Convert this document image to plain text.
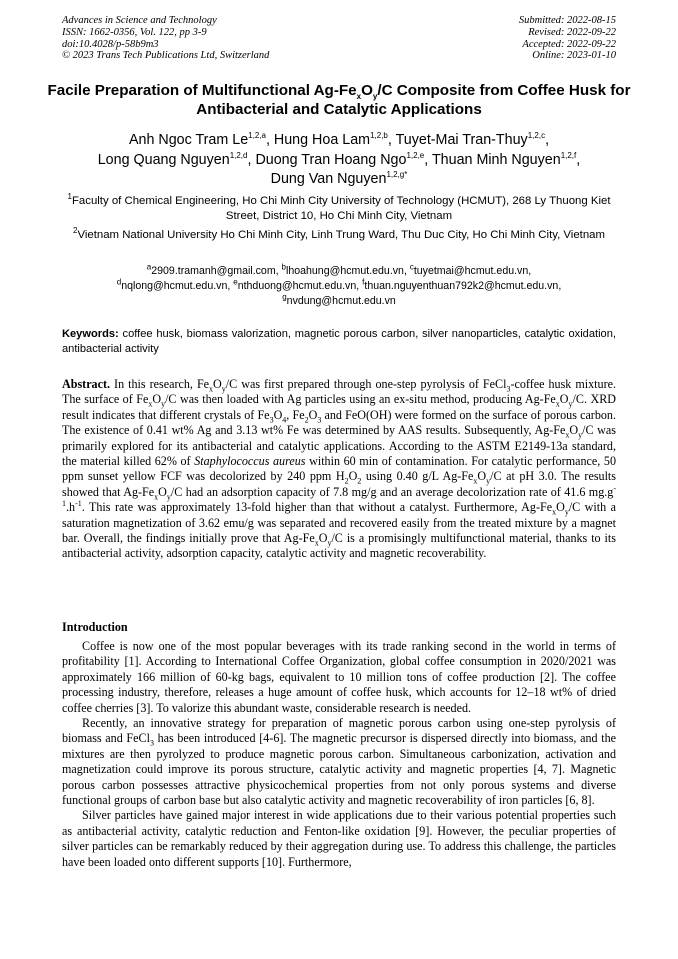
Advances in Science and Technology
ISSN: 1662-0356, Vol. 122, pp 3-9
doi:10.4028/p-58b9m3
© 2023 Trans Tech Publications Ltd, Switzerland
Submitted: 2022-08-15
Revised: 2022-09-22
Accepted: 2022-09-22
Online: 2023-01-10
Facile Preparation of Multifunctional $Ag-Fe_xO_y/C$ Composite from Coffee Husk for Antibacterial and Catalytic Applications
Anh Ngoc Tram Le$^{1,2,a}$, Hung Hoa Lam$^{1,2,b}$, Tuyet-Mai Tran-Thuy$^{1,2,c}$,
Long Quang Nguyen$^{1,2,d}$, Duong Tran Hoang Ngo$^{1,2,e}$, Thuan Minh Nguyen$^{1,2,f}$,
Dung Van Nguyen$^{1,2,g*}$
$^1$Faculty of Chemical Engineering, Ho Chi Minh City University of Technology (HCMUT), 268 Ly Thuong Kiet Street, District 10, Ho Chi Minh City, Vietnam
$^2$Vietnam National University Ho Chi Minh City, Linh Trung Ward, Thu Duc City, Ho Chi Minh City, Vietnam
$^a$2909.tramanh@gmail.com, $^b$lhoahung@hcmut.edu.vn, $^c$tuyetmai@hcmut.edu.vn,
$^d$nqlong@hcmut.edu.vn, $^e$nthduong@hcmut.edu.vn, $^f$thuan.nguyenthuan792k2@hcmut.edu.vn,
$^g$nvdung@hcmut.edu.vn
Keywords: coffee husk, biomass valorization, magnetic porous carbon, silver nanoparticles, catalytic oxidation, antibacterial activity
Abstract. In this research, $Fe_xO_y/C$ was first prepared through one-step pyrolysis of FeCl$_3$-coffee husk mixture. The surface of $Fe_xO_y/C$ was then loaded with Ag particles using an ex-situ method, producing $Ag-Fe_xO_y/C$. XRD result indicates that different crystals of $Fe_3O_4$, $Fe_2O_3$ and FeO(OH) were formed on the surface of porous carbon. The existence of 0.41 wt% Ag and 3.13 wt% Fe was determined by AAS results. Subsequently, $Ag-Fe_xO_y/C$ was primarily explored for its antibacterial and catalytic applications. According to the ASTM E2149-13a standard, the material killed 62% of Staphylococcus aureus within 60 min of contamination. For catalytic performance, 50 ppm sunset yellow FCF was decolorized by 240 ppm $H_2O_2$ using 0.40 g/L $Ag-Fe_xO_y/C$ at pH 3.0. The results showed that $Ag-Fe_xO_y/C$ had an adsorption capacity of 7.8 mg/g and an average decolorization rate of 41.6 $mg.g^{-1}.h^{-1}$. This rate was approximately 13-fold higher than that without a catalyst. Furthermore, $Ag-Fe_xO_y/C$ with a saturation magnetization of 3.62 emu/g was separated and recovered easily from the treated mixture by a magnet bar. Overall, the findings initially prove that $Ag-Fe_xO_y/C$ is a promisingly multifunctional material, thanks to its antibacterial activity, adsorption capacity, catalytic activity and magnetic recoverability.
Introduction

Coffee is now one of the most popular beverages with its trade ranking second in the world in terms of profitability [1]. According to International Coffee Organization, global coffee consumption in 2020/2021 was approximately 166 million of 60-kg bags, equivalent to 10 million tons of coffee production [2]. The coffee processing industry, therefore, releases a huge amount of coffee husk, which accounts for 12–18 wt% of dried coffee cherries [3]. To valorize this abundant waste, considerable research is needed.

Recently, an innovative strategy for preparation of magnetic porous carbon using one-step pyrolysis of biomass and FeCl$_3$ has been introduced [4-6]. The magnetic precursor is dispersed directly into biomass, and the mixtures are then pyrolyzed to produce magnetic porous carbon. Simultaneous carbonization, activation and magnetization could improve its porous structure, catalytic activity and magnetic properties [4, 7]. Magnetic porous carbon possesses attractive physicochemical properties from not only porous systems and diverse functional groups of carbon base but also catalytic activity and magnetic recoverability of iron particles [6, 8].

Silver particles have gained major interest in wide applications due to their various potential properties such as antibacterial activity, catalytic reduction and Fenton-like oxidation [9]. However, the peculiar properties of silver particles can be remarkably reduced by their aggregation during use. To address this challenge, the particles have been loaded onto different supports [10]. Furthermore,
